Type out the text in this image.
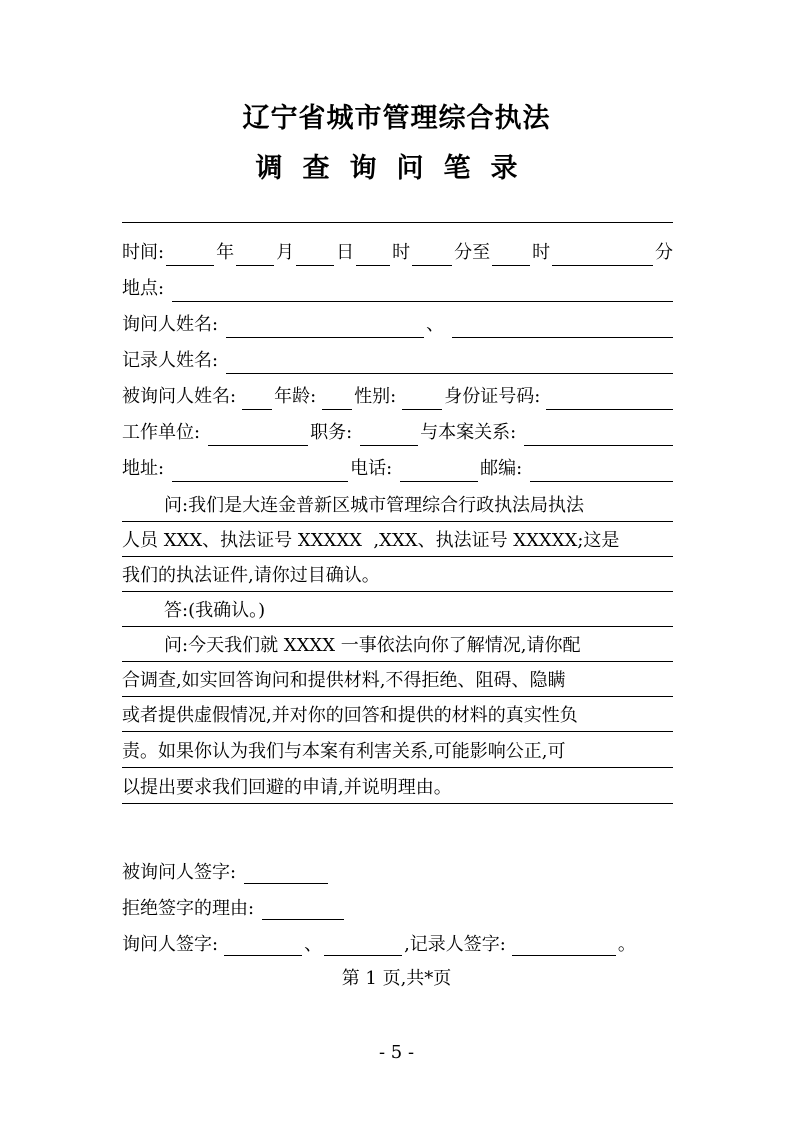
辽宁省城市管理综合执法
调查询问笔录
时间:	年 月 日 时 分至 时	分
地点:
询问人姓名:	、
记录人姓名:
被询问人姓名: 年龄: 性别:	身份证号码:
工作单位:	职务:	与本案关系:
地址:	电话:	邮编:
问:我们是大连金普新区城市管理综合行政执法局执法
人员 XXX、执法证号 XXXXX  ,XXX、执法证号 XXXXX;这是
我们的执法证件,请你过目确认。
答:(我确认。)
问:今天我们就 XXXX 一事依法向你了解情况,请你配
合调查,如实回答询问和提供材料,不得拒绝、阻碍、隐瞒
或者提供虚假情况,并对你的回答和提供的材料的真实性负
责。如果你认为我们与本案有利害关系,可能影响公正,可
以提出要求我们回避的申请,并说明理由。
被询问人签字:
拒绝签字的理由:
询问人签字:	、	,记录人签字:	。
第 1 页,共*页
- 5 -
